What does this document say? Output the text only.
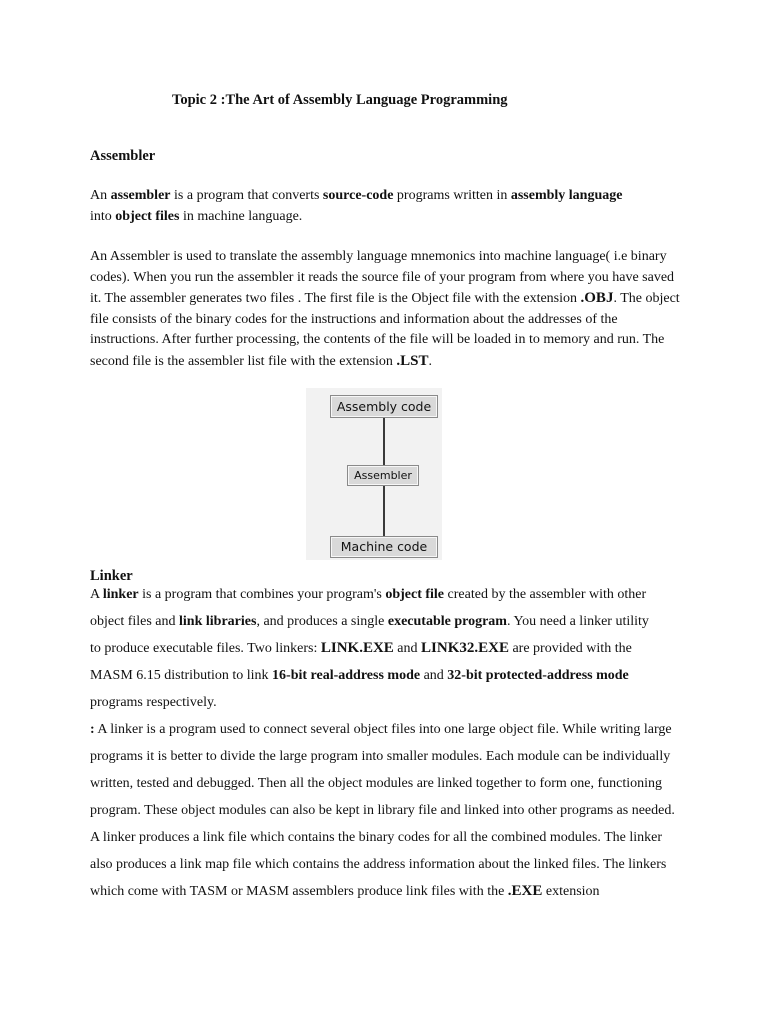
Topic 2 :The Art of Assembly Language Programming
Assembler
An assembler is a program that converts source-code programs written in assembly language into object files in machine language.
An Assembler is used to translate the assembly language mnemonics into machine language( i.e binary codes). When you run the assembler it reads the source file of your program from where you have saved it. The assembler generates two files . The first file is the Object file with the extension .OBJ. The object file consists of the binary codes for the instructions and information about the addresses of the instructions. After further processing, the contents of the file will be loaded in to memory and run. The second file is the assembler list file with the extension .LST.
Assembly code
Assembler
Machine code
Linker
A linker is a program that combines your program's object file created by the assembler with other object files and link libraries, and produces a single executable program. You need a linker utility to produce executable files. Two linkers: LINK.EXE and LINK32.EXE are provided with the MASM 6.15 distribution to link 16-bit real-address mode and 32-bit protected-address mode programs respectively.
: A linker is a program used to connect several object files into one large object file. While writing large programs it is better to divide the large program into smaller modules. Each module can be individually written, tested and debugged. Then all the object modules are linked together to form one, functioning program. These object modules can also be kept in library file and linked into other programs as needed. A linker produces a link file which contains the binary codes for all the combined modules. The linker also produces a link map file which contains the address information about the linked files. The linkers which come with TASM or MASM assemblers produce link files with the .EXE extension
